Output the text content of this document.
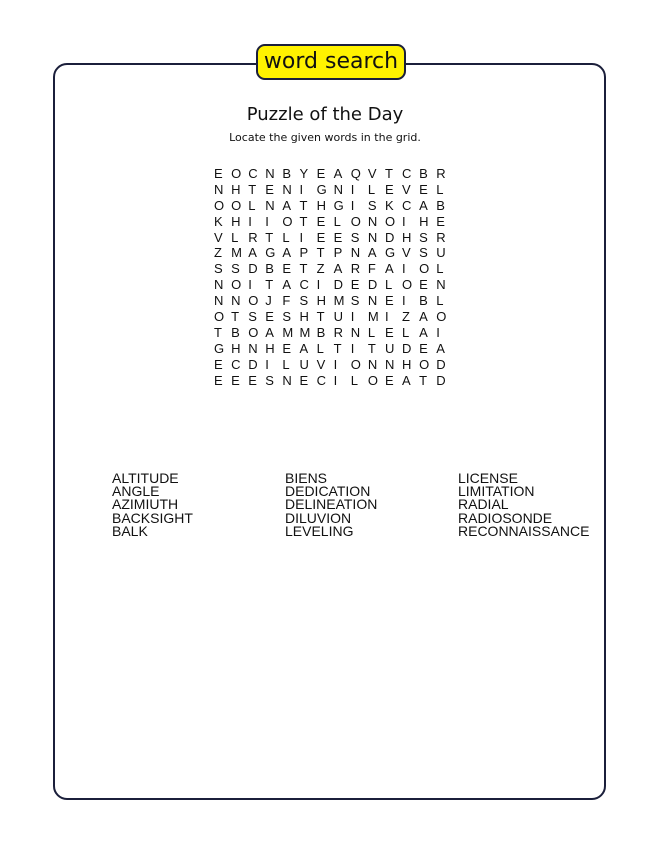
word search
Puzzle of the Day
Locate the given words in the grid.
E O C N B Y E A Q V T C B R
N H T E N I	G N I	L E V E L
O O L N A T H G I	S K C A B
K H I	I	O T E L O N O I	H E
V L R T L I	E E S N D H S R
Z M A G A P T P N A G V S U
S S D B E T Z A R F A I	O L
N O I	T A C I	D E D L O E N
N N O J F S H M S N E I	B L
O T S E S H T U I	M I	Z A O
T B O A M M B R N L E L A I
G H N H E A L T I	T U D E A
E C D I	L U V I	O N N H O D
E E E S N E C I	L O E A T D
ALTITUDE
ANGLE
AZIMIUTH
BACKSIGHT
BALK
BIENS
DEDICATION
DELINEATION
DILUVION
LEVELING
LICENSE
LIMITATION
RADIAL
RADIOSONDE
RECONNAISSANCE
